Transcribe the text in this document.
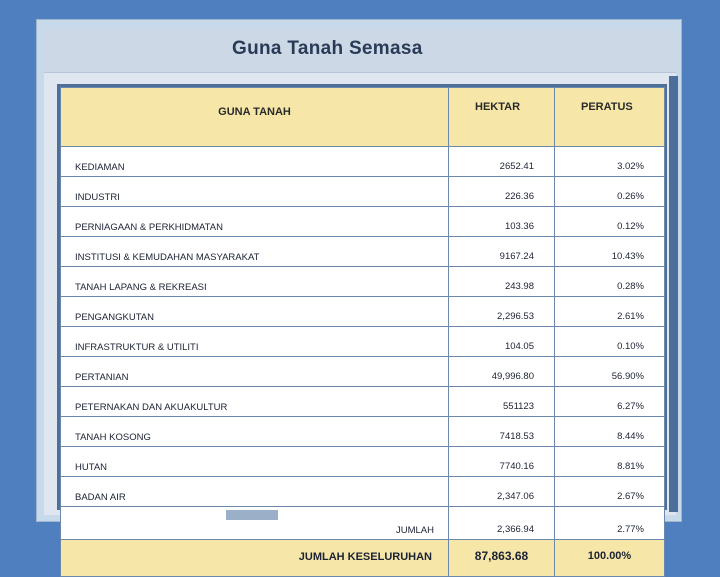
Guna Tanah Semasa
GUNA TANAH	HEKTAR	PERATUS
KEDIAMAN	2652.41	3.02%
INDUSTRI	226.36	0.26%
PERNIAGAAN & PERKHIDMATAN	103.36	0.12%
INSTITUSI & KEMUDAHAN MASYARAKAT	9167.24	10.43%
TANAH LAPANG & REKREASI	243.98	0.28%
PENGANGKUTAN	2,296.53	2.61%
INFRASTRUKTUR & UTILITI	104.05	0.10%
PERTANIAN	49,996.80	56.90%
PETERNAKAN DAN AKUAKULTUR	551123	6.27%
TANAH KOSONG	7418.53	8.44%
HUTAN	7740.16	8.81%
BADAN AIR	2,347.06	2.67%
JUMLAH	2,366.94	2.77%
JUMLAH KESELURUHAN	87,863.68	100.00%
